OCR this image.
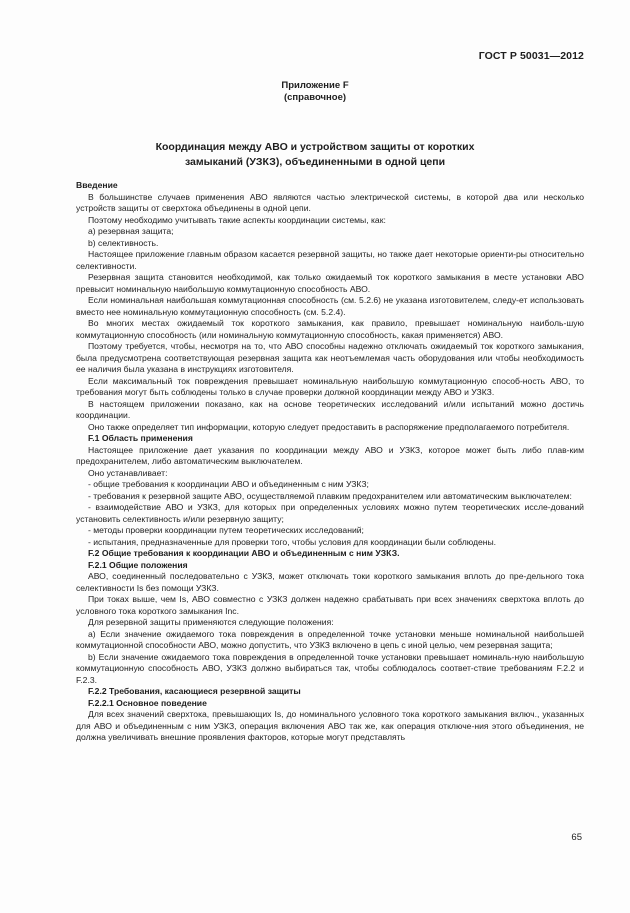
ГОСТ Р 50031—2012
Приложение F
(справочное)
Координация между АВО и устройством защиты от коротких
замыканий (УЗКЗ), объединенными в одной цепи

Введение

В большинстве случаев применения АВО являются частью электрической системы, в которой два или несколько устройств защиты от сверхтока объединены в одной цепи.

Поэтому необходимо учитывать такие аспекты координации системы, как:

а) резервная защита;

b) селективность.

Настоящее приложение главным образом касается резервной защиты, но также дает некоторые ориенти-ры относительно селективности.

Резервная защита становится необходимой, как только ожидаемый ток короткого замыкания в месте установки АВО превысит номинальную наибольшую коммутационную способность АВО.

Если номинальная наибольшая коммутационная способность (см. 5.2.6) не указана изготовителем, следу-ет использовать вместо нее номинальную коммутационную способность (см. 5.2.4).

Во многих местах ожидаемый ток короткого замыкания, как правило, превышает номинальную наиболь-шую коммутационную способность (или номинальную коммутационную способность, какая применяется) АВО.

Поэтому требуется, чтобы, несмотря на то, что АВО способны надежно отключать ожидаемый ток короткого замыкания, была предусмотрена соответствующая резервная защита как неотъемлемая часть оборудования или чтобы необходимость ее наличия была указана в инструкциях изготовителя.

Если максимальный ток повреждения превышает номинальную наибольшую коммутационную способ-ность АВО, то требования могут быть соблюдены только в случае проверки должной координации между АВО и УЗКЗ.

В настоящем приложении показано, как на основе теоретических исследований и/или испытаний можно достичь координации.

Оно также определяет тип информации, которую следует предоставить в распоряжение предполагаемого потребителя.

F.1 Область применения

Настоящее приложение дает указания по координации между АВО и УЗКЗ, которое может быть либо плав-ким предохранителем, либо автоматическим выключателем.

Оно устанавливает:

- общие требования к координации АВО и объединенным с ним УЗКЗ;

- требования к резервной защите АВО, осуществляемой плавким предохранителем или автоматическим выключателем:

- взаимодействие АВО и УЗКЗ, для которых при определенных условиях можно путем теоретических иссле-дований установить селективность и/или резервную защиту;

- методы проверки координации путем теоретических исследований;

- испытания, предназначенные для проверки того, чтобы условия для координации были соблюдены.

F.2 Общие требования к координации АВО и объединенным с ним УЗКЗ.

F.2.1 Общие положения

АВО, соединенный последовательно с УЗКЗ, может отключать токи короткого замыкания вплоть до пре-дельного тока селективности Is без помощи УЗКЗ.

При токах выше, чем Is, АВО совместно с УЗКЗ должен надежно срабатывать при всех значениях сверхтока вплоть до условного тока короткого замыкания Inc.

Для резервной защиты применяются следующие положения:

а) Если значение ожидаемого тока повреждения в определенной точке установки меньше номинальной наибольшей коммутационной способности АВО, можно допустить, что УЗКЗ включено в цепь с иной целью, чем резервная защита;

b) Если значение ожидаемого тока повреждения в определенной точке установки превышает номиналь-ную наибольшую коммутационную способность АВО, УЗКЗ должно выбираться так, чтобы соблюдалось соответ-ствие требованиям F.2.2 и F.2.3.

F.2.2 Требования, касающиеся резервной защиты

F.2.2.1 Основное поведение

Для всех значений сверхтока, превышающих Is, до номинального условного тока короткого замыкания включ., указанных для АВО и объединенным с ним УЗКЗ, операция включения АВО так же, как операция отключе-ния этого объединения, не должна увеличивать внешние проявления факторов, которые могут представлять

65
